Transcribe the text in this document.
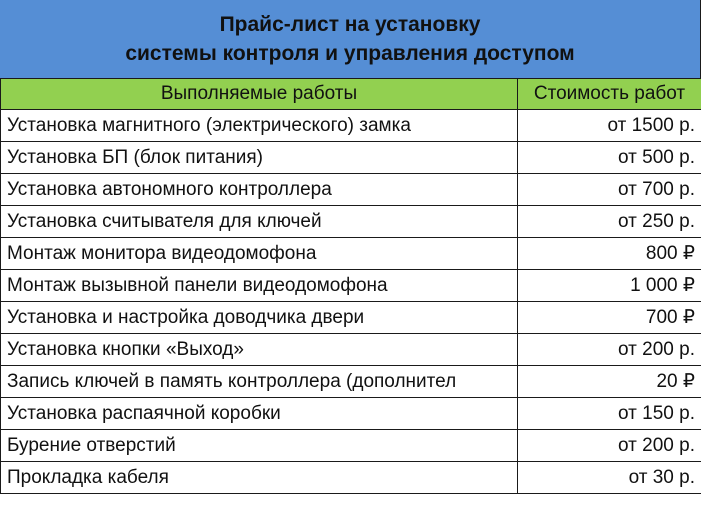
Прайс-лист на установку
системы контроля и управления доступом
Выполняемые работы	Стоимость работ
Установка магнитного (электрического) замка	от 1500 р.
Установка БП (блок питания)	от 500 р.
Установка автономного контроллера	от 700 р.
Установка считывателя для ключей	от 250 р.
Монтаж монитора видеодомофона	800 ₽
Монтаж вызывной панели видеодомофона	1 000 ₽
Установка и настройка доводчика двери	700 ₽
Установка кнопки «Выход»	от 200 р.
Запись ключей в память контроллера (дополнител	20 ₽
Установка распаячной коробки	от 150 р.
Бурение отверстий	от 200 р.
Прокладка кабеля	от 30 р.
